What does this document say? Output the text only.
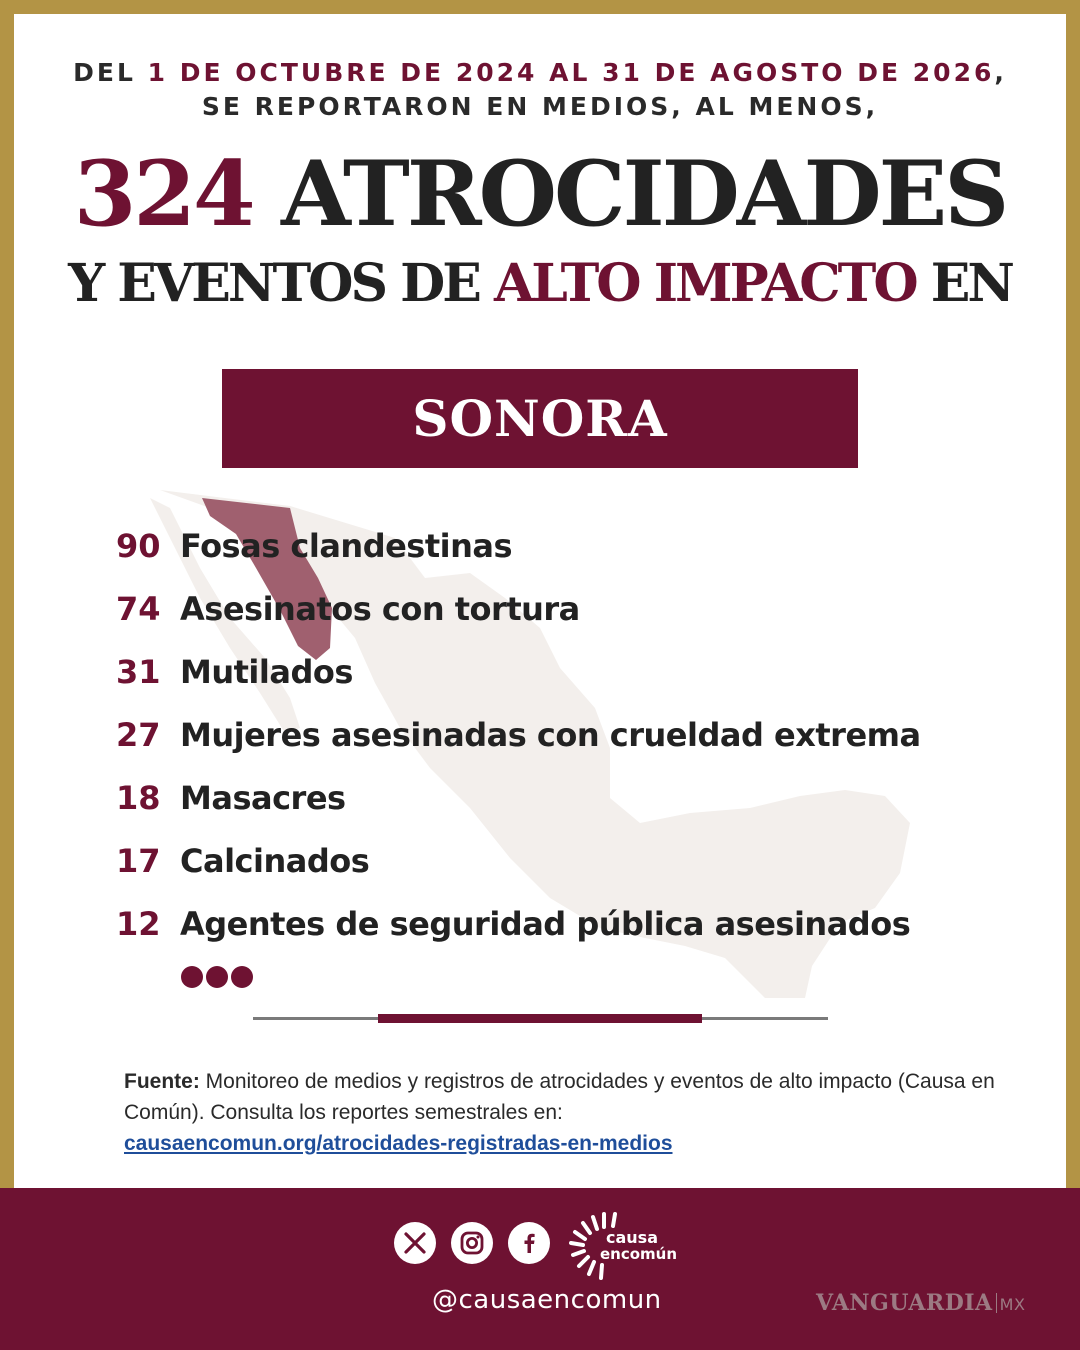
DEL 1 DE OCTUBRE DE 2024 AL 31 DE AGOSTO DE 2026,
SE REPORTARON EN MEDIOS, AL MENOS,
324 ATROCIDADES
Y EVENTOS DE ALTO IMPACTO EN
SONORA
90 Fosas clandestinas
74 Asesinatos con tortura
31 Mutilados
27 Mujeres asesinadas con crueldad extrema
18 Masacres
17 Calcinados
12 Agentes de seguridad pública asesinados
Fuente: Monitoreo de medios y registros de atrocidades y eventos de alto impacto (Causa en Común). Consulta los reportes semestrales en:
causaencomun.org/atrocidades-registradas-en-medios
causa
encomún
@causaencomun	VANGUARDIA MX
